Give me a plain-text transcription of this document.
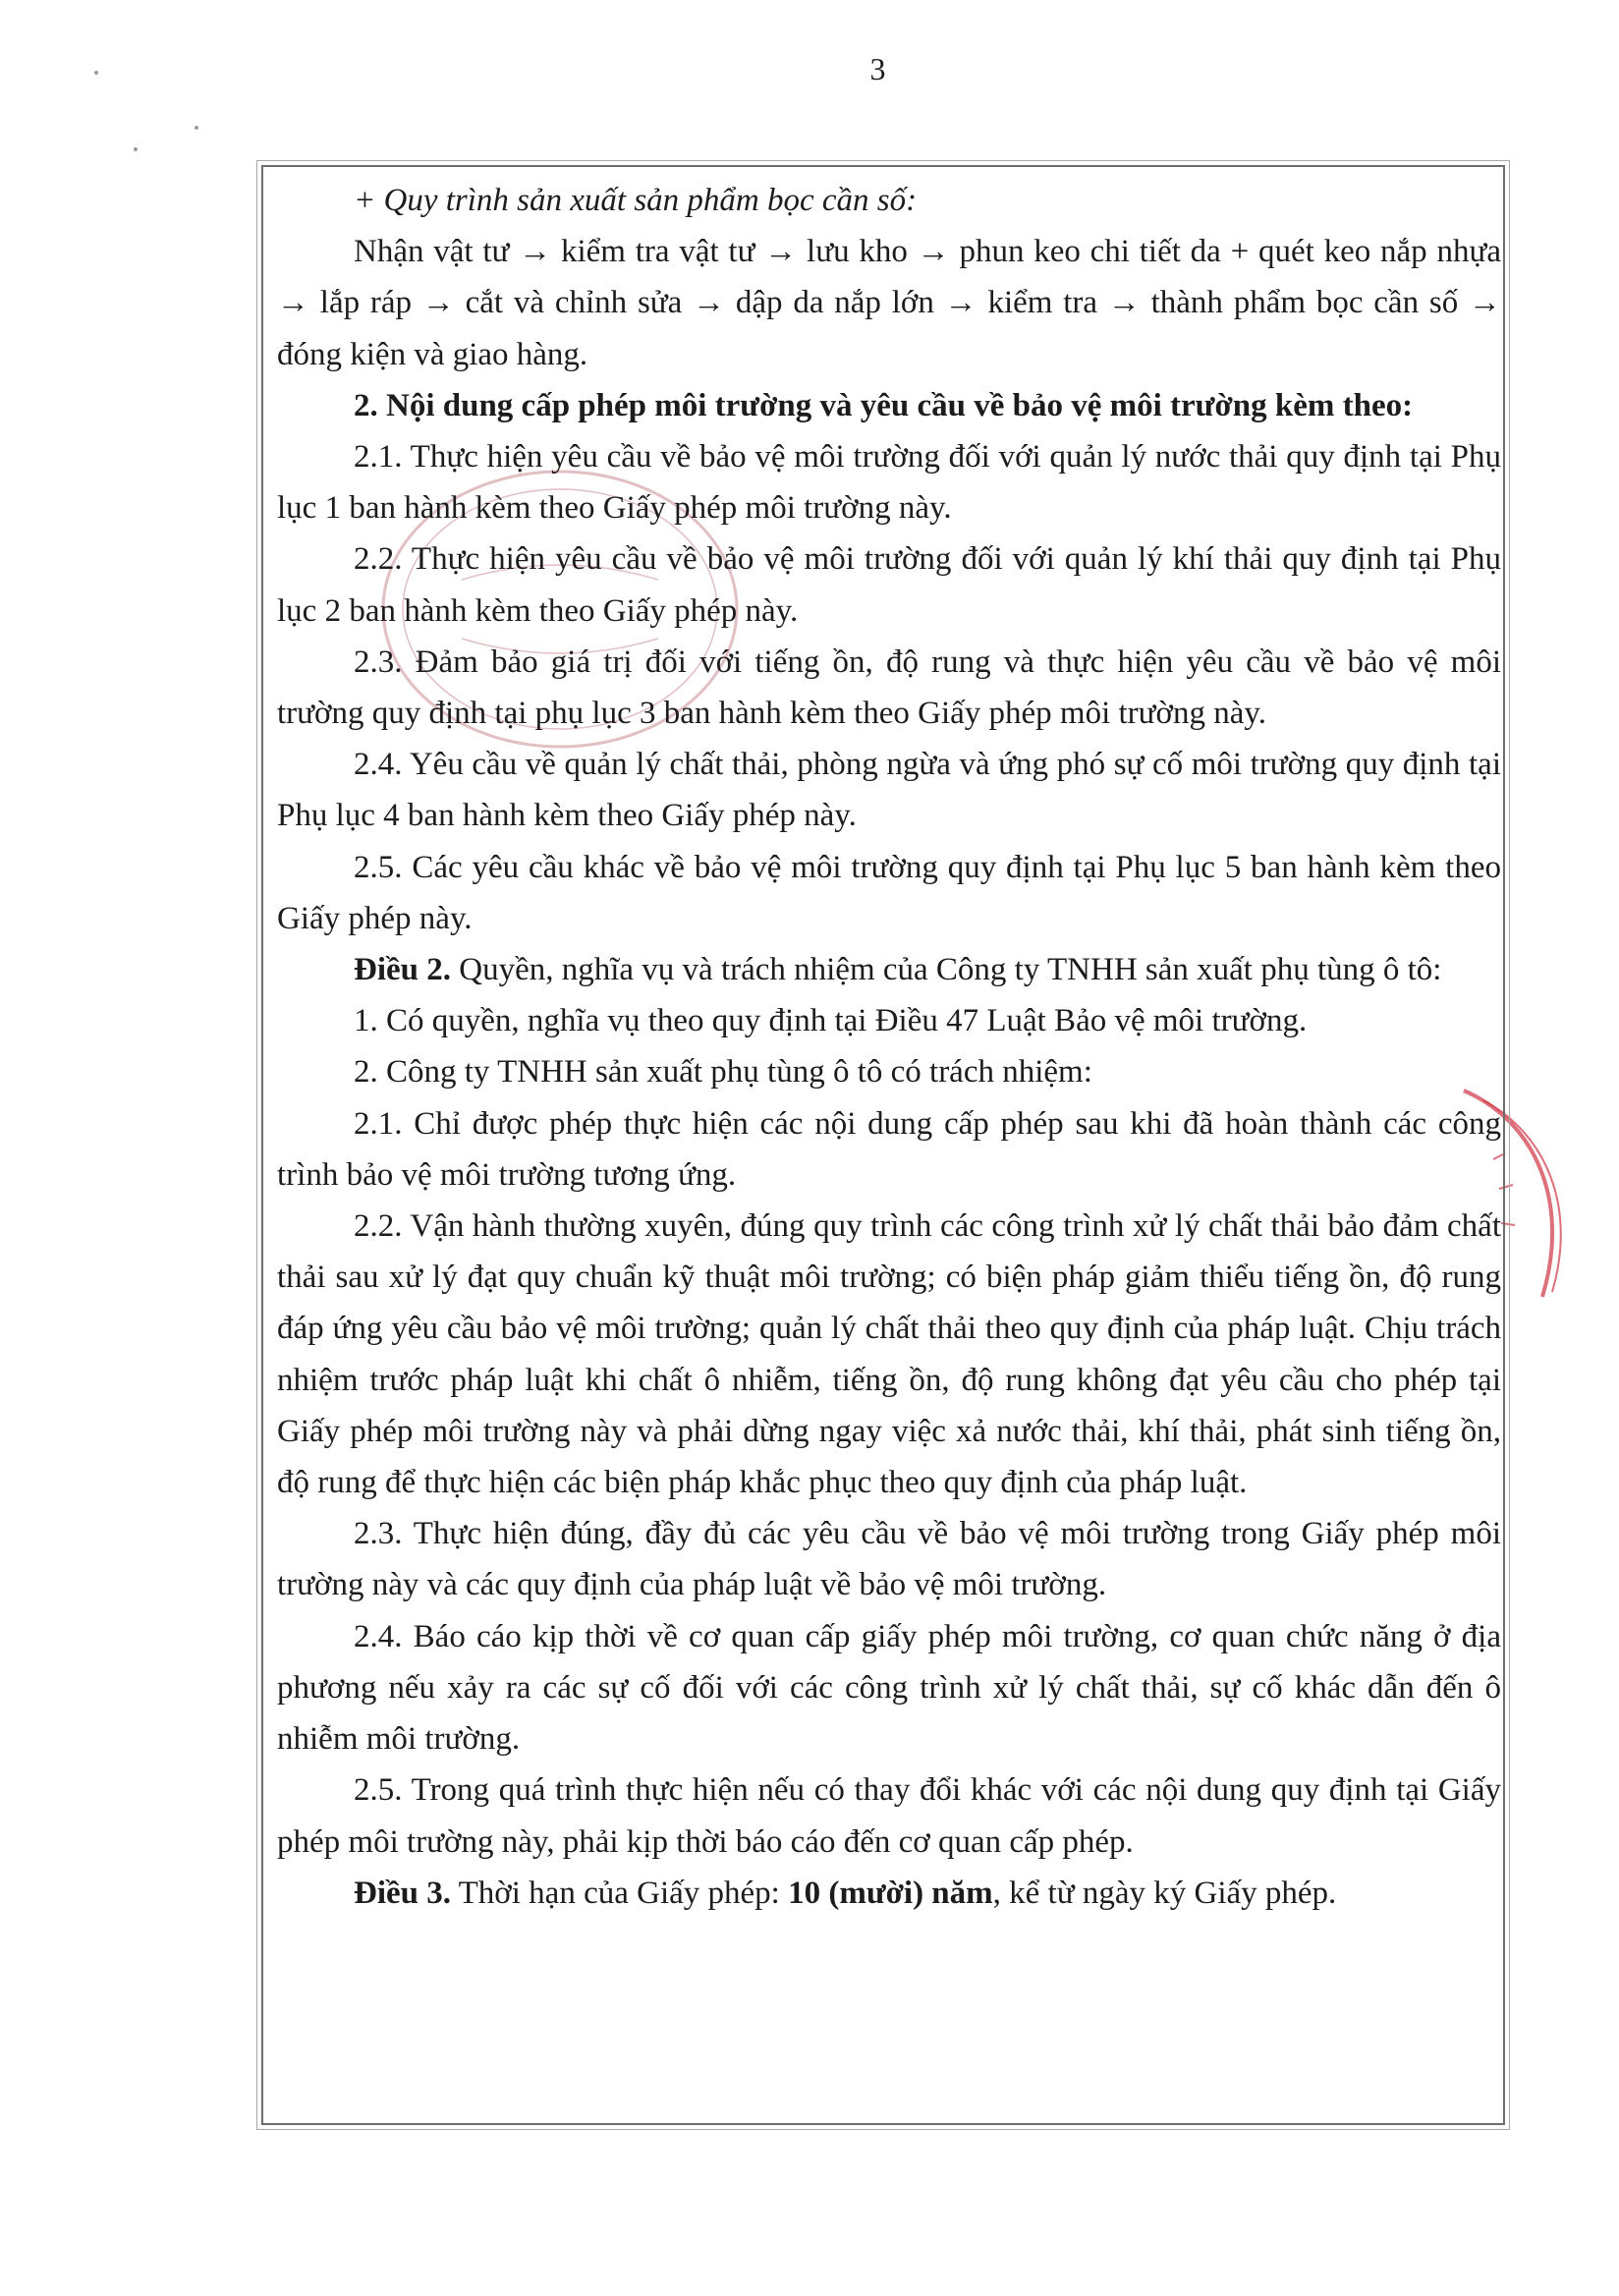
3

+ Quy trình sản xuất sản phẩm bọc cần số:

Nhận vật tư → kiểm tra vật tư → lưu kho → phun keo chi tiết da + quét keo nắp nhựa → lắp ráp → cắt và chỉnh sửa → dập da nắp lớn → kiểm tra → thành phẩm bọc cần số → đóng kiện và giao hàng.

2. Nội dung cấp phép môi trường và yêu cầu về bảo vệ môi trường kèm theo:

2.1. Thực hiện yêu cầu về bảo vệ môi trường đối với quản lý nước thải quy định tại Phụ lục 1 ban hành kèm theo Giấy phép môi trường này.

2.2. Thực hiện yêu cầu về bảo vệ môi trường đối với quản lý khí thải quy định tại Phụ lục 2 ban hành kèm theo Giấy phép này.

2.3. Đảm bảo giá trị đối với tiếng ồn, độ rung và thực hiện yêu cầu về bảo vệ môi trường quy định tại phụ lục 3 ban hành kèm theo Giấy phép môi trường này.

2.4. Yêu cầu về quản lý chất thải, phòng ngừa và ứng phó sự cố môi trường quy định tại Phụ lục 4 ban hành kèm theo Giấy phép này.

2.5. Các yêu cầu khác về bảo vệ môi trường quy định tại Phụ lục 5 ban hành kèm theo Giấy phép này.

Điều 2. Quyền, nghĩa vụ và trách nhiệm của Công ty TNHH sản xuất phụ tùng ô tô:

1. Có quyền, nghĩa vụ theo quy định tại Điều 47 Luật Bảo vệ môi trường.

2. Công ty TNHH sản xuất phụ tùng ô tô có trách nhiệm:

2.1. Chỉ được phép thực hiện các nội dung cấp phép sau khi đã hoàn thành các công trình bảo vệ môi trường tương ứng.

2.2. Vận hành thường xuyên, đúng quy trình các công trình xử lý chất thải bảo đảm chất thải sau xử lý đạt quy chuẩn kỹ thuật môi trường; có biện pháp giảm thiểu tiếng ồn, độ rung đáp ứng yêu cầu bảo vệ môi trường; quản lý chất thải theo quy định của pháp luật. Chịu trách nhiệm trước pháp luật khi chất ô nhiễm, tiếng ồn, độ rung không đạt yêu cầu cho phép tại Giấy phép môi trường này và phải dừng ngay việc xả nước thải, khí thải, phát sinh tiếng ồn, độ rung để thực hiện các biện pháp khắc phục theo quy định của pháp luật.

2.3. Thực hiện đúng, đầy đủ các yêu cầu về bảo vệ môi trường trong Giấy phép môi trường này và các quy định của pháp luật về bảo vệ môi trường.

2.4. Báo cáo kịp thời về cơ quan cấp giấy phép môi trường, cơ quan chức năng ở địa phương nếu xảy ra các sự cố đối với các công trình xử lý chất thải, sự cố khác dẫn đến ô nhiễm môi trường.

2.5. Trong quá trình thực hiện nếu có thay đổi khác với các nội dung quy định tại Giấy phép môi trường này, phải kịp thời báo cáo đến cơ quan cấp phép.

Điều 3. Thời hạn của Giấy phép: 10 (mười) năm, kể từ ngày ký Giấy phép.
